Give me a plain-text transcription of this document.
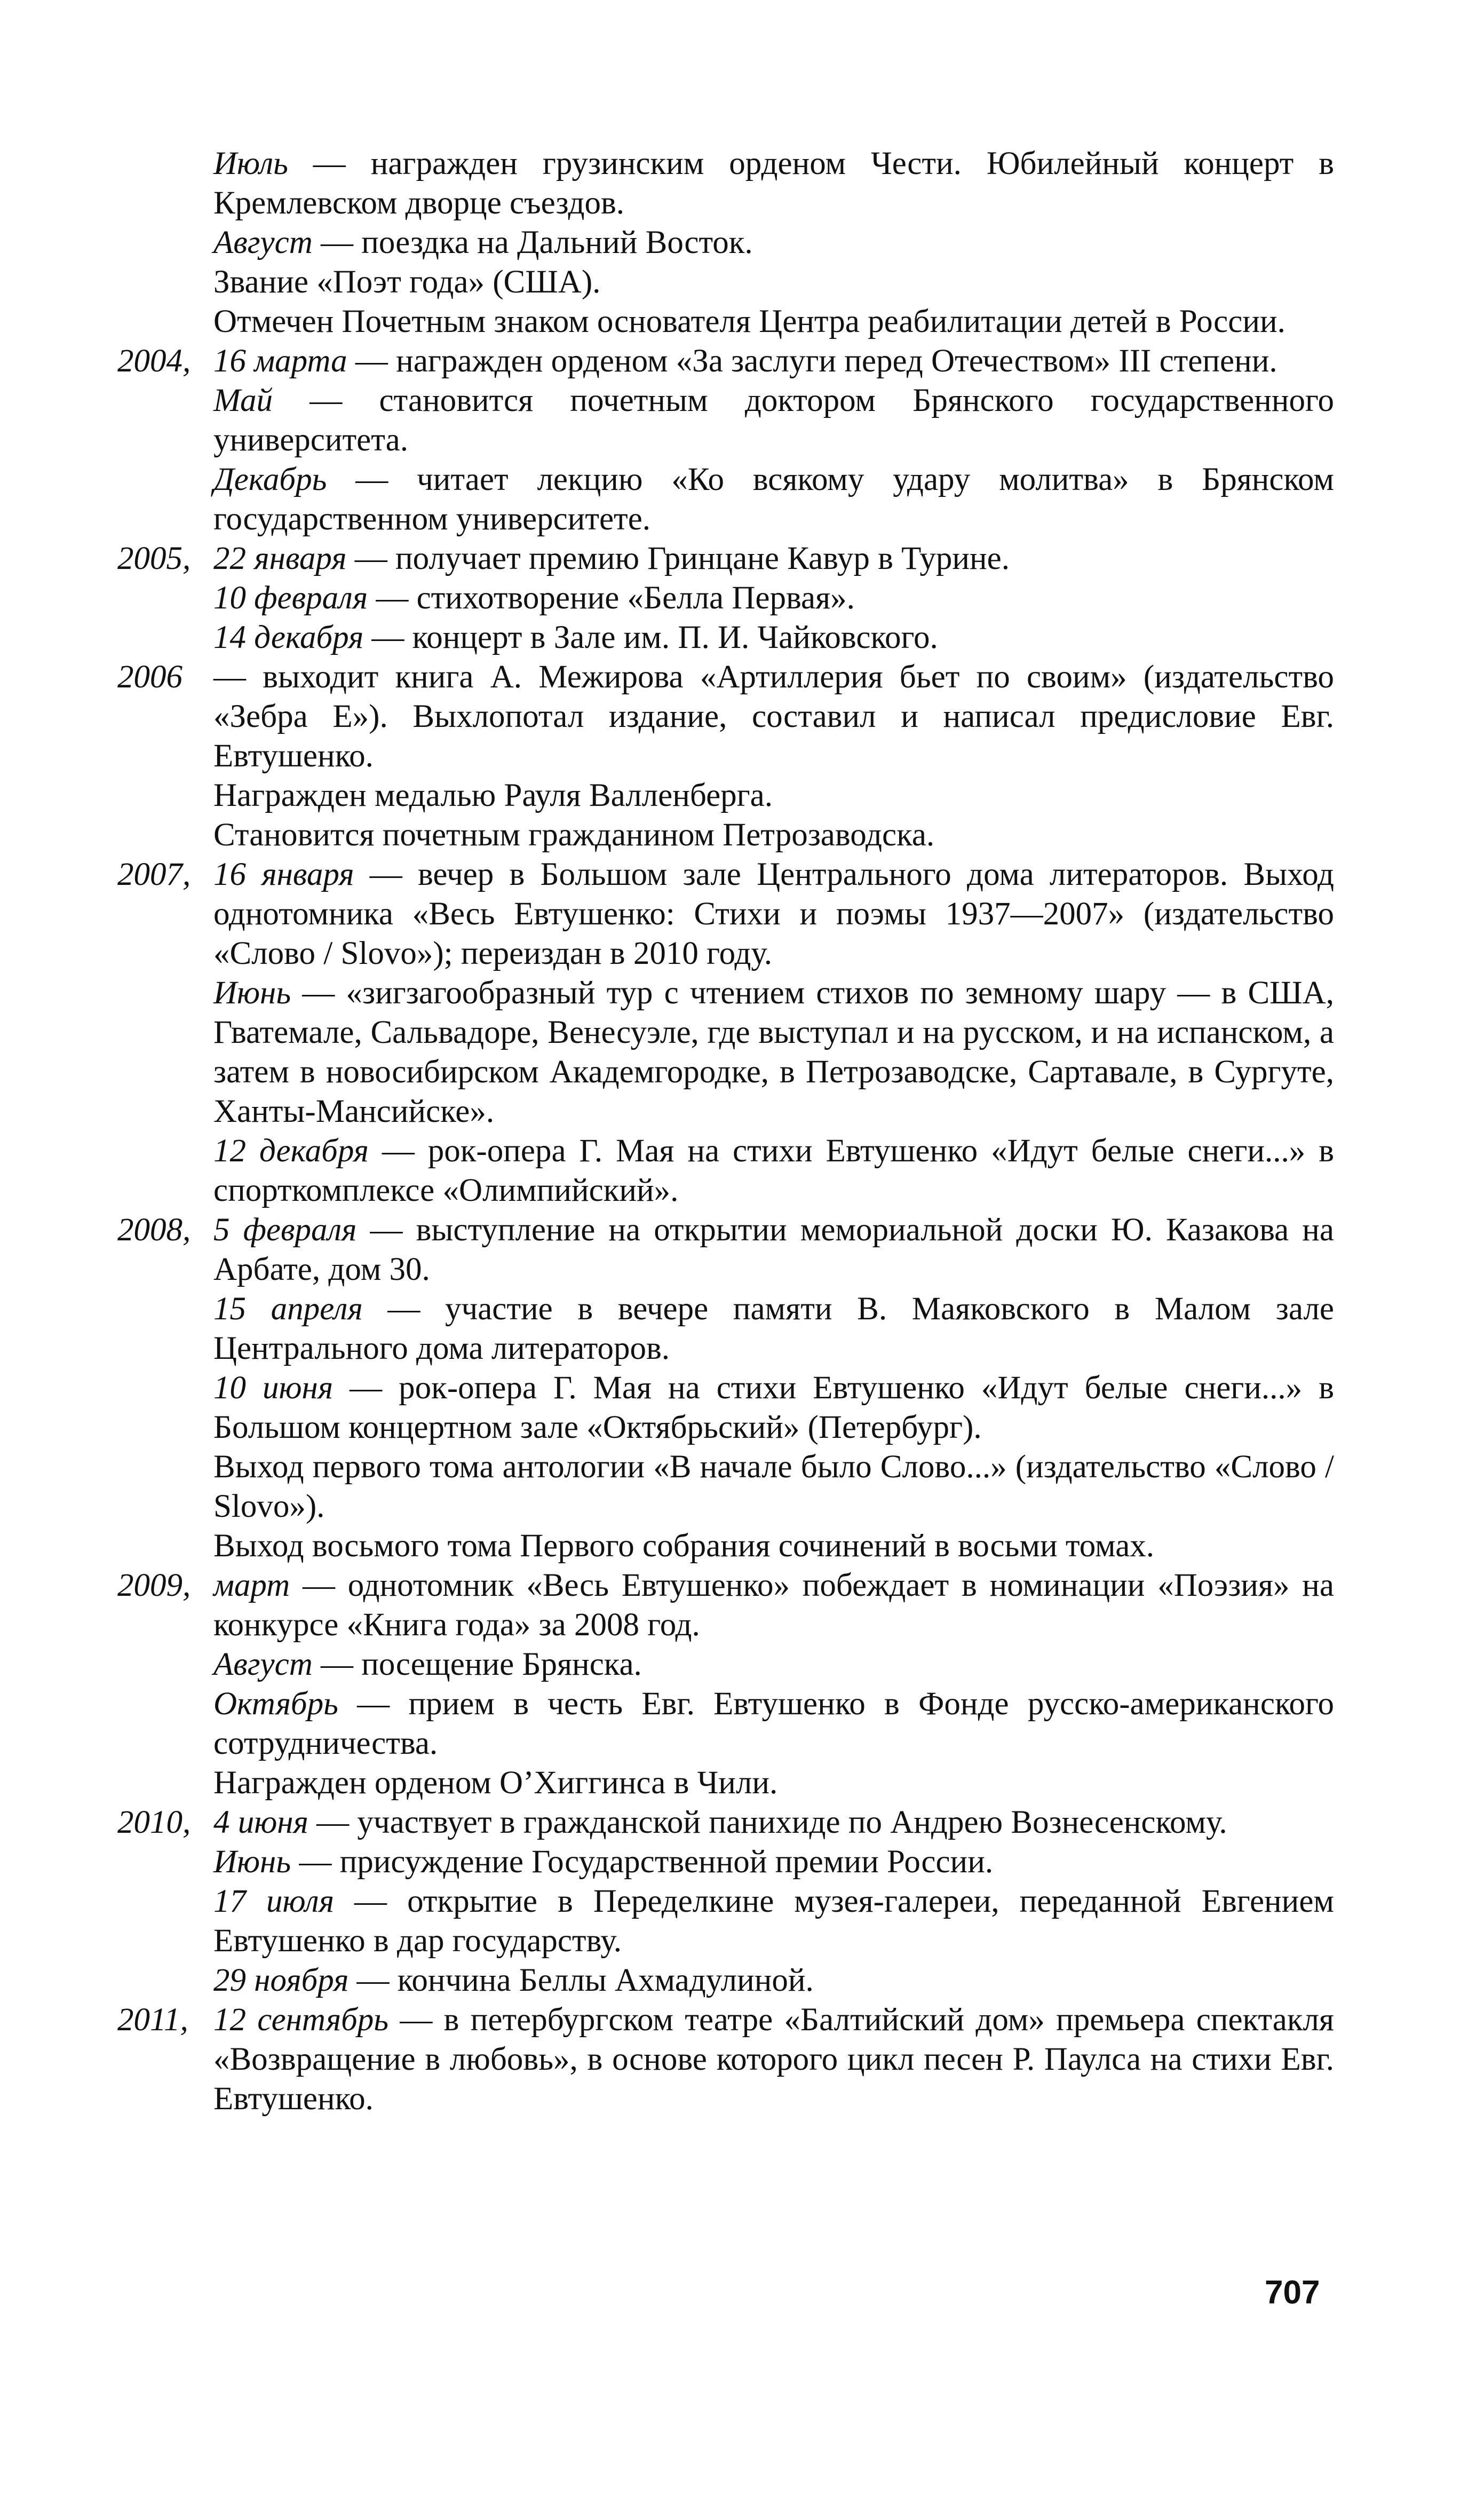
Июль — награжден грузинским орденом Чести. Юбилейный концерт в Кремлевском дворце съездов.

Август — поездка на Дальний Восток.

Звание «Поэт года» (США).

Отмечен Почетным знаком основателя Центра реабилитации детей в России.

2004, 16 марта — награжден орденом «За заслуги перед Отечеством» III степени.

Май — становится почетным доктором Брянского государственного университета.

Декабрь — читает лекцию «Ко всякому удару молитва» в Брянском государственном университете.

2005, 22 января — получает премию Гринцане Кавур в Турине.

10 февраля — стихотворение «Белла Первая».

14 декабря — концерт в Зале им. П. И. Чайковского.

2006 — выходит книга А. Межирова «Артиллерия бьет по своим» (издательство «Зебра Е»). Выхлопотал издание, составил и написал предисловие Евг. Евтушенко.

Награжден медалью Рауля Валленберга.

Становится почетным гражданином Петрозаводска.

2007, 16 января — вечер в Большом зале Центрального дома литераторов. Выход однотомника «Весь Евтушенко: Стихи и поэмы 1937—2007» (издательство «Слово / Slovo»); переиздан в 2010 году.

Июнь — «зигзагообразный тур с чтением стихов по земному шару — в США, Гватемале, Сальвадоре, Венесуэле, где выступал и на русском, и на испанском, а затем в новосибирском Академгородке, в Петрозаводске, Сартавале, в Сургуте, Ханты-Мансийске».

12 декабря — рок-опера Г. Мая на стихи Евтушенко «Идут белые снеги...» в спорткомплексе «Олимпийский».

2008, 5 февраля — выступление на открытии мемориальной доски Ю. Казакова на Арбате, дом 30.

15 апреля — участие в вечере памяти В. Маяковского в Малом зале Центрального дома литераторов.

10 июня — рок-опера Г. Мая на стихи Евтушенко «Идут белые снеги...» в Большом концертном зале «Октябрьский» (Петербург).

Выход первого тома антологии «В начале было Слово...» (издательство «Слово / Slovo»).

Выход восьмого тома Первого собрания сочинений в восьми томах.

2009, март — однотомник «Весь Евтушенко» побеждает в номинации «Поэзия» на конкурсе «Книга года» за 2008 год.

Август — посещение Брянска.

Октябрь — прием в честь Евг. Евтушенко в Фонде русско-американского сотрудничества.

Награжден орденом О’Хиггинса в Чили.

2010, 4 июня — участвует в гражданской панихиде по Андрею Вознесенскому.

Июнь — присуждение Государственной премии России.

17 июля — открытие в Переделкине музея-галереи, переданной Евгением Евтушенко в дар государству.

29 ноября — кончина Беллы Ахмадулиной.

2011, 12 сентябрь — в петербургском театре «Балтийский дом» премьера спектакля «Возвращение в любовь», в основе которого цикл песен Р. Паулса на стихи Евг. Евтушенко.

707
